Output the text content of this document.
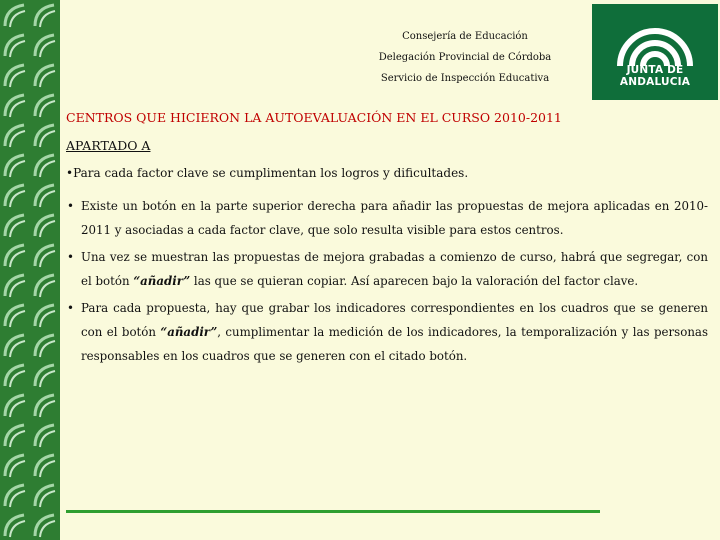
Consejería de Educación
Delegación Provincial de Córdoba
Servicio de Inspección Educativa
JUNTA DE ANDALUCIA
CENTROS QUE HICIERON LA AUTOEVALUACIÓN EN EL CURSO 2010-2011
APARTADO A
•Para cada factor clave se cumplimentan los logros y dificultades.
• Existe un botón en la parte superior derecha para añadir las propuestas de mejora aplicadas en 2010-2011 y asociadas a cada factor clave, que solo resulta visible para estos centros.
• Una vez se muestran las propuestas de mejora grabadas a comienzo de curso, habrá que segregar, con el botón “añadir” las que se quieran copiar. Así aparecen bajo la valoración del factor clave.
• Para cada propuesta, hay que grabar los indicadores correspondientes en los cuadros que se generen con el botón “añadir”, cumplimentar la medición de los indicadores, la temporalización y las personas responsables en los cuadros que se generen con el citado botón.
